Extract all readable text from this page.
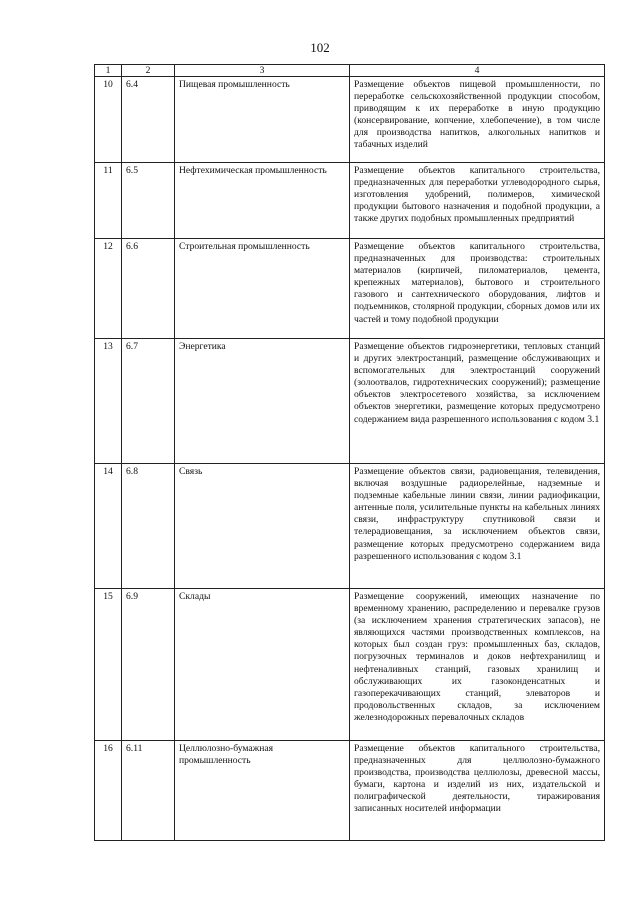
102
1	2	3	4
10	6.4	Пищевая промышленность	Размещение объектов пищевой промышленности, по переработке сельскохозяйственной продукции способом, приводящим к их переработке в иную продукцию (консервирование, копчение, хлебопечение), в том числе для производства напитков, алкогольных напитков и табачных изделий
11	6.5	Нефтехимическая промышленность	Размещение объектов капитального строительства, предназначенных для переработки углеводородного сырья, изготовления удобрений, полимеров, химической продукции бытового назначения и подобной продукции, а также других подобных промышленных предприятий
12	6.6	Строительная промышленность	Размещение объектов капитального строительства, предназначенных для производства: строительных материалов (кирпичей, пиломатериалов, цемента, крепежных материалов), бытового и строительного газового и сантехнического оборудования, лифтов и подъемников, столярной продукции, сборных домов или их частей и тому подобной продукции
13	6.7	Энергетика	Размещение объектов гидроэнергетики, тепловых станций и других электростанций, размещение обслуживающих и вспомогательных для электростанций сооружений (золоотвалов, гидротехнических сооружений); размещение объектов электросетевого хозяйства, за исключением объектов энергетики, размещение которых предусмотрено содержанием вида разрешенного использования с кодом 3.1
14	6.8	Связь	Размещение объектов связи, радиовещания, телевидения, включая воздушные радиорелейные, надземные и подземные кабельные линии связи, линии радиофикации, антенные поля, усилительные пункты на кабельных линиях связи, инфраструктуру спутниковой связи и телерадиовещания, за исключением объектов связи, размещение которых предусмотрено содержанием вида разрешенного использования с кодом 3.1
15	6.9	Склады	Размещение сооружений, имеющих назначение по временному хранению, распределению и перевалке грузов (за исключением хранения стратегических запасов), не являющихся частями производственных комплексов, на которых был создан груз: промышленных баз, складов, погрузочных терминалов и доков нефтехранилищ и нефтеналивных станций, газовых хранилищ и обслуживающих их газоконденсатных и газоперекачивающих станций, элеваторов и продовольственных складов, за исключением железнодорожных перевалочных складов
16	6.11	Целлюлозно-бумажная промышленность	Размещение объектов капитального строительства, предназначенных для целлюлозно-бумажного производства, производства целлюлозы, древесной массы, бумаги, картона и изделий из них, издательской и полиграфической деятельности, тиражирования записанных носителей информации
